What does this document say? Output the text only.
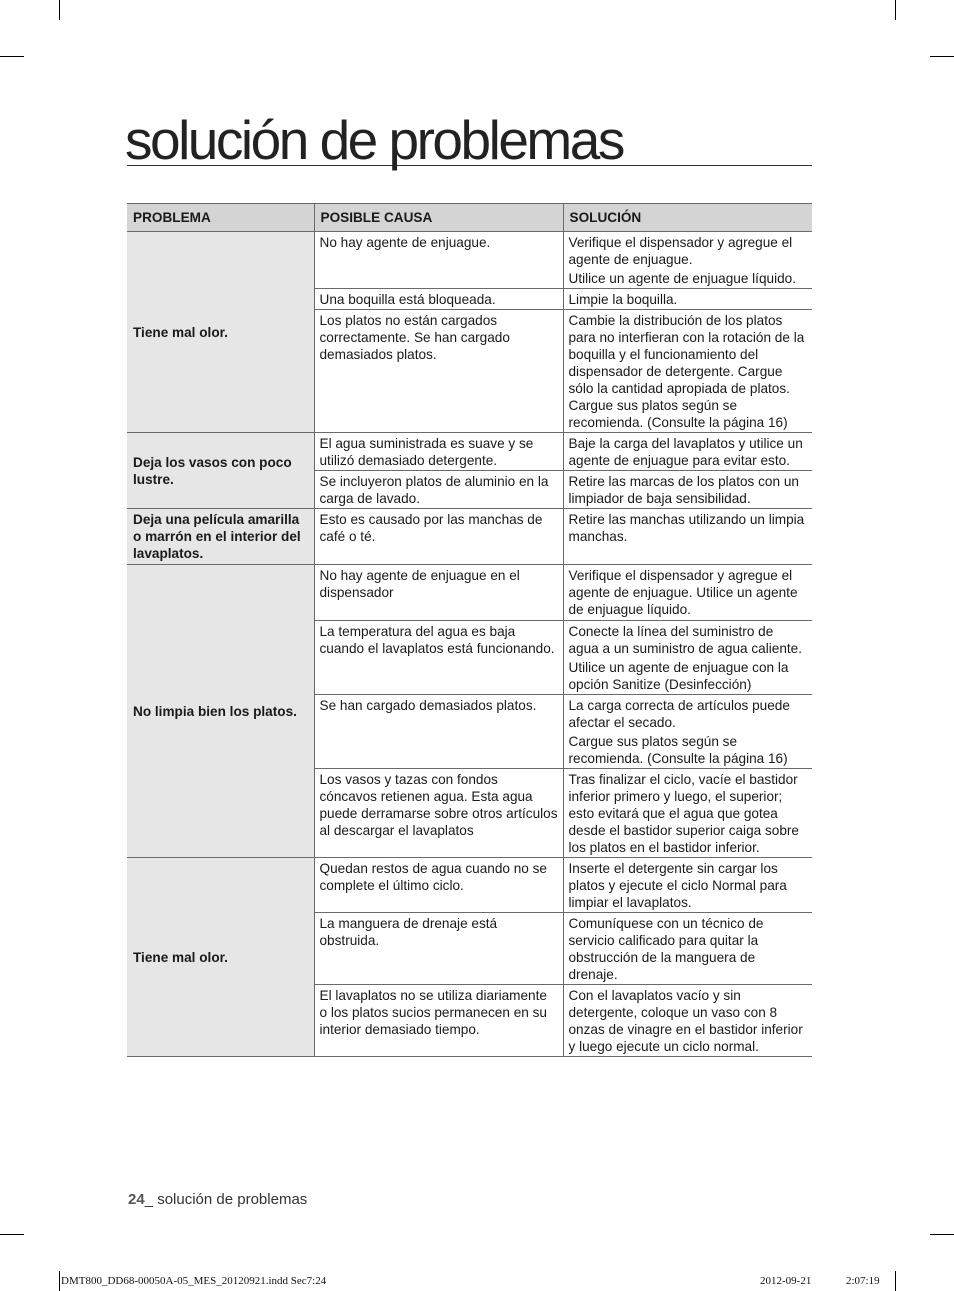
solución de problemas
PROBLEMA	POSIBLE CAUSA	SOLUCIÓN
Tiene mal olor.	No hay agente de enjuague.	Verifique el dispensador y agregue el agente de enjuague.
Utilice un agente de enjuague líquido.

	Una boquilla está bloqueada.	Limpie la boquilla.

	Los platos no están cargados correctamente. Se han cargado demasiados platos.	Cambie la distribución de los platos para no interfieran con la rotación de la boquilla y el funcionamiento del dispensador de detergente. Cargue sólo la cantidad apropiada de platos. Cargue sus platos según se recomienda. (Consulte la página 16)

Deja los vasos con poco lustre.	El agua suministrada es suave y se utilizó demasiado detergente.	Baje la carga del lavaplatos y utilice un agente de enjuague para evitar esto.

	Se incluyeron platos de aluminio en la carga de lavado.	Retire las marcas de los platos con un limpiador de baja sensibilidad.

Deja una película amarilla o marrón en el interior del lavaplatos.	Esto es causado por las manchas de café o té.	Retire las manchas utilizando un limpia manchas.

No limpia bien los platos.	No hay agente de enjuague en el dispensador	Verifique el dispensador y agregue el agente de enjuague. Utilice un agente de enjuague líquido.

	La temperatura del agua es baja cuando el lavaplatos está funcionando.	Conecte la línea del suministro de agua a un suministro de agua caliente.
Utilice un agente de enjuague con la opción Sanitize (Desinfección)

	Se han cargado demasiados platos.	La carga correcta de artículos puede afectar el secado.
Cargue sus platos según se recomienda. (Consulte la página 16)

	Los vasos y tazas con fondos cóncavos retienen agua. Esta agua puede derramarse sobre otros artículos al descargar el lavaplatos	Tras finalizar el ciclo, vacíe el bastidor inferior primero y luego, el superior; esto evitará que el agua que gotea desde el bastidor superior caiga sobre los platos en el bastidor inferior.

Tiene mal olor.	Quedan restos de agua cuando no se complete el último ciclo.	Inserte el detergente sin cargar los platos y ejecute el ciclo Normal para limpiar el lavaplatos.

	La manguera de drenaje está obstruida.	Comuníquese con un técnico de servicio calificado para quitar la obstrucción de la manguera de drenaje.

	El lavaplatos no se utiliza diariamente o los platos sucios permanecen en su interior demasiado tiempo.	Con el lavaplatos vacío y sin detergente, coloque un vaso con 8 onzas de vinagre en el bastidor inferior y luego ejecute un ciclo normal.
24_ solución de problemas
DMT800_DD68-00050A-05_MES_20120921.indd Sec7:24	2012-09-21	2:07:19
